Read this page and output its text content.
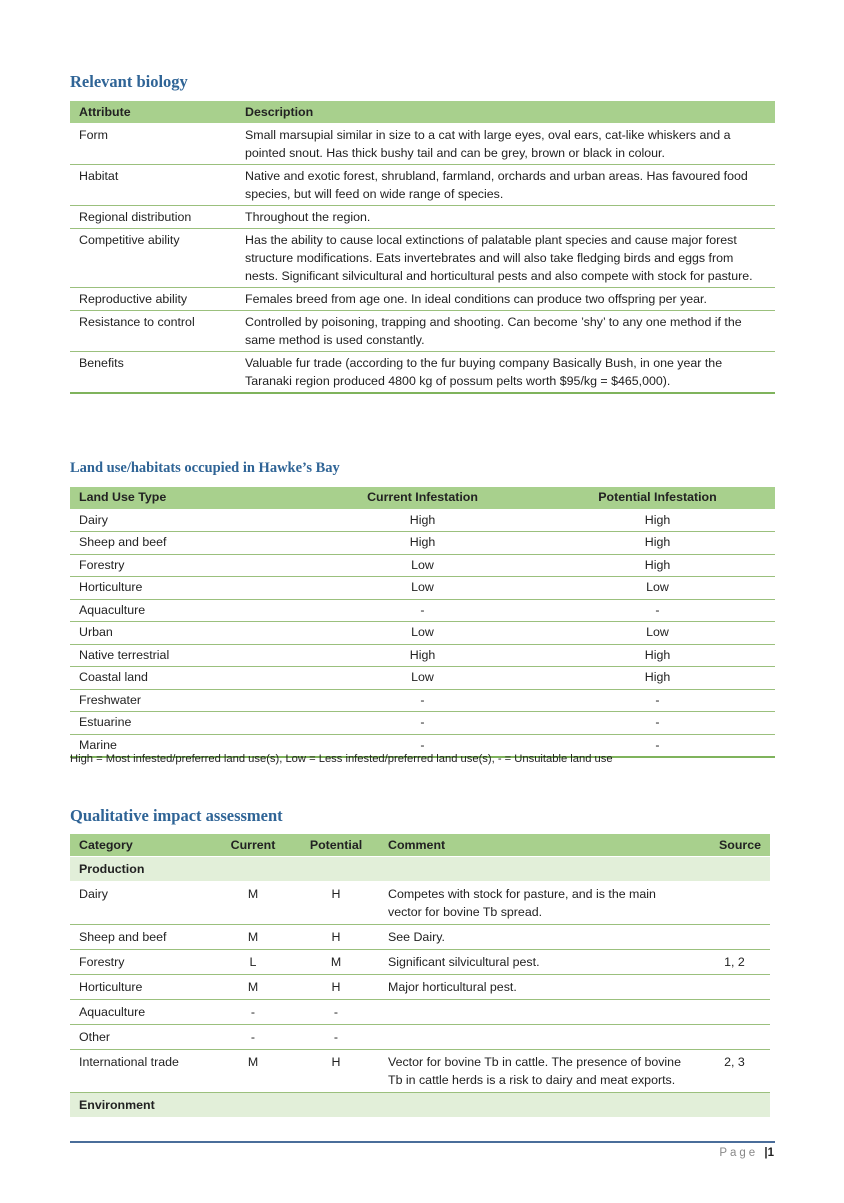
Relevant biology
Attribute	Description
Form	Small marsupial similar in size to a cat with large eyes, oval ears, cat-like whiskers and a pointed snout. Has thick bushy tail and can be grey, brown or black in colour.
Habitat	Native and exotic forest, shrubland, farmland, orchards and urban areas. Has favoured food species, but will feed on wide range of species.
Regional distribution	Throughout the region.
Competitive ability	Has the ability to cause local extinctions of palatable plant species and cause major forest structure modifications. Eats invertebrates and will also take fledging birds and eggs from nests. Significant silvicultural and horticultural pests and also compete with stock for pasture.
Reproductive ability	Females breed from age one. In ideal conditions can produce two offspring per year.
Resistance to control	Controlled by poisoning, trapping and shooting. Can become ’shy’ to any one method if the same method is used constantly.
Benefits	Valuable fur trade (according to the fur buying company Basically Bush, in one year the Taranaki region produced 4800 kg of possum pelts worth $95/kg = $465,000).
Land use/habitats occupied in Hawke’s Bay
Land Use Type	Current Infestation	Potential Infestation
Dairy	High	High
Sheep and beef	High	High
Forestry	Low	High
Horticulture	Low	Low
Aquaculture	-	-
Urban	Low	Low
Native terrestrial	High	High
Coastal land	Low	High
Freshwater	-	-
Estuarine	-	-
Marine	-	-

High = Most infested/preferred land use(s), Low = Less infested/preferred land use(s), - = Unsuitable land use

Qualitative impact assessment
Category	Current	Potential	Comment	Source
Production				
Dairy	M	H	Competes with stock for pasture, and is the main vector for bovine Tb spread.	
Sheep and beef	M	H	See Dairy.	
Forestry	L	M	Significant silvicultural pest.	1, 2
Horticulture	M	H	Major horticultural pest.	
Aquaculture	-	-		
Other	-	-		
International trade	M	H	Vector for bovine Tb in cattle. The presence of bovine Tb in cattle herds is a risk to dairy and meat exports.	2, 3
Environment				
Page |1
